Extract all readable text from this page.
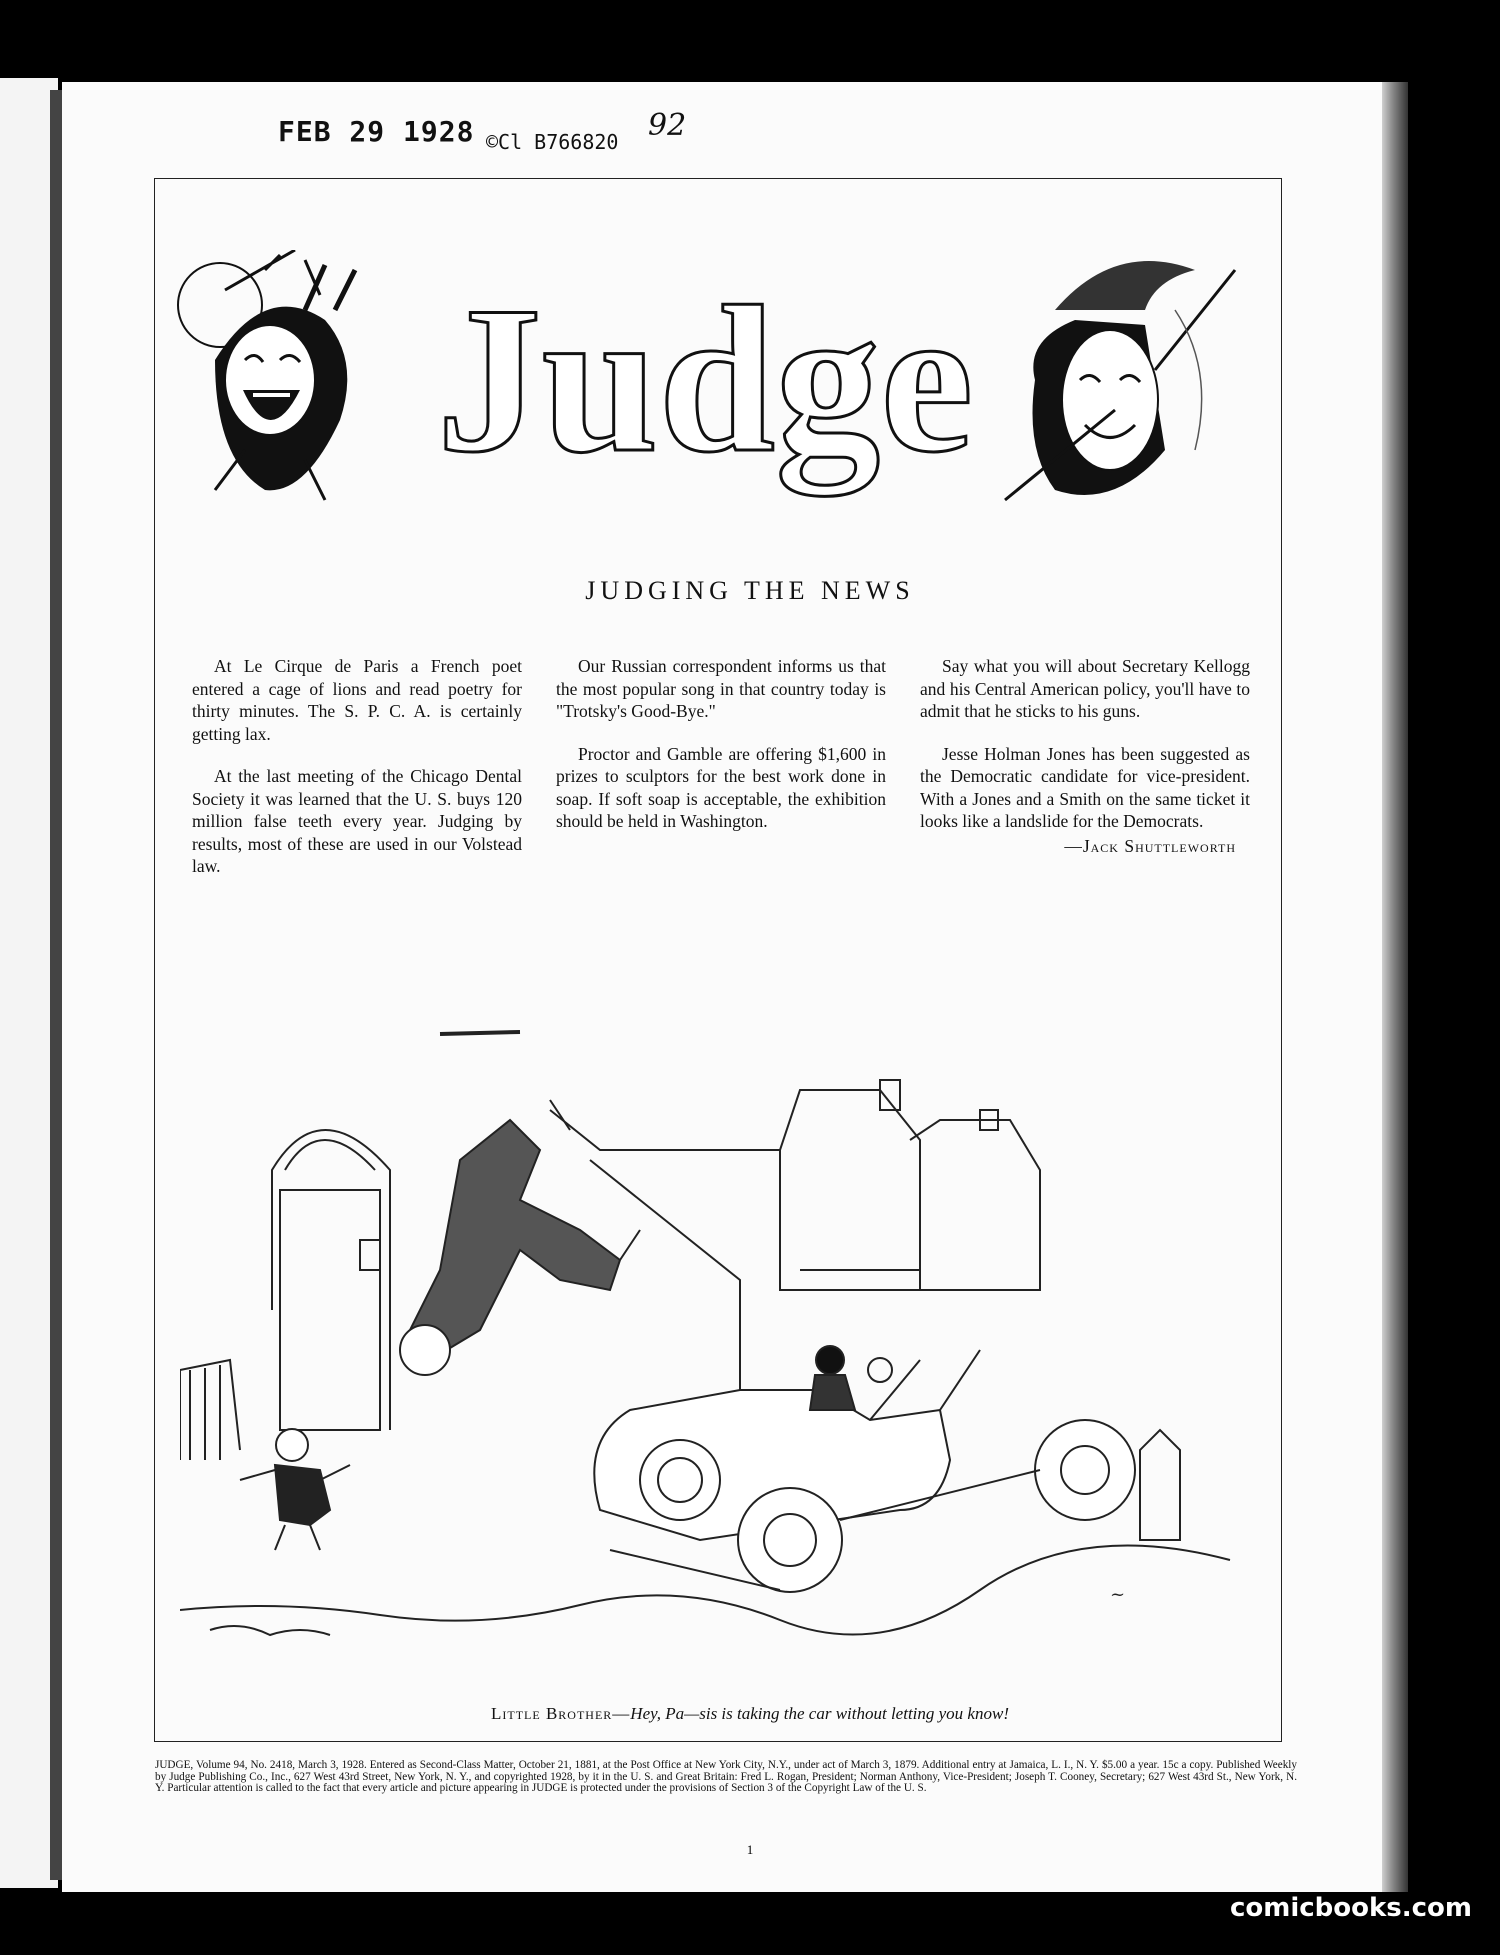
FEB 29 1928 ©Cl B766820 92
Judge
JUDGING THE NEWS

At Le Cirque de Paris a French poet entered a cage of lions and read poetry for thirty minutes. The S. P. C. A. is certainly getting lax.

At the last meeting of the Chicago Dental Society it was learned that the U. S. buys 120 million false teeth every year. Judging by results, most of these are used in our Volstead law.

Our Russian correspondent informs us that the most popular song in that country today is "Trotsky's Good-Bye."

Proctor and Gamble are offering $1,600 in prizes to sculptors for the best work done in soap. If soft soap is acceptable, the exhibition should be held in Washington.

Say what you will about Secretary Kellogg and his Central American policy, you'll have to admit that he sticks to his guns.

Jesse Holman Jones has been suggested as the Democratic candidate for vice-president. With a Jones and a Smith on the same ticket it looks like a landslide for the Democrats.

—Jack Shuttleworth
~
Little Brother—Hey, Pa—sis is taking the car without letting you know!
JUDGE, Volume 94, No. 2418, March 3, 1928. Entered as Second-Class Matter, October 21, 1881, at the Post Office at New York City, N.Y., under act of March 3, 1879. Additional entry at Jamaica, L. I., N. Y. $5.00 a year. 15c a copy. Published Weekly by Judge Publishing Co., Inc., 627 West 43rd Street, New York, N. Y., and copyrighted 1928, by it in the U. S. and Great Britain: Fred L. Rogan, President; Norman Anthony, Vice-President; Joseph T. Cooney, Secretary; 627 West 43rd St., New York, N. Y. Particular attention is called to the fact that every article and picture appearing in JUDGE is protected under the provisions of Section 3 of the Copyright Law of the U. S.
1
comicbooks.com
